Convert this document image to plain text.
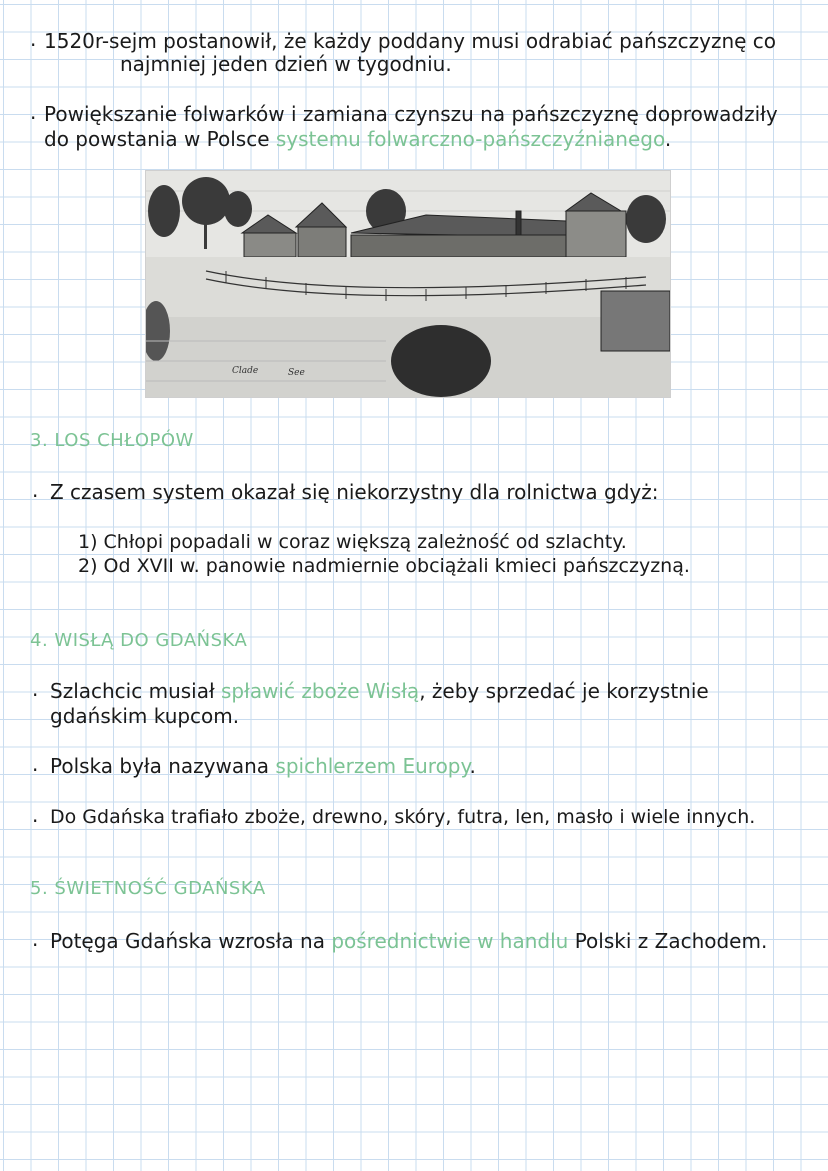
· 1520r-sejm postanowił, że każdy poddany musi odrabiać pańszczyznę co
najmniej jeden dzień w tygodniu.
· Powiększanie folwarków i zamiana czynszu na pańszczyznę doprowadziły
do powstania w Polsce systemu folwarczno-pańszczyźnianego.
Clade	See
3. LOS CHŁOPÓW
· Z czasem system okazał się niekorzystny dla rolnictwa gdyż:
1) Chłopi popadali w coraz większą zależność od szlachty.
2) Od XVII w. panowie nadmiernie obciążali kmieci pańszczyzną.
4. WISŁĄ DO GDAŃSKA
· Szlachcic musiał spławić zboże Wisłą, żeby sprzedać je korzystnie
gdańskim kupcom.
· Polska była nazywana spichlerzem Europy.
· Do Gdańska trafiało zboże, drewno, skóry, futra, len, masło i wiele innych.
5. ŚWIETNOŚĆ GDAŃSKA
· Potęga Gdańska wzrosła na pośrednictwie w handlu Polski z Zachodem.
